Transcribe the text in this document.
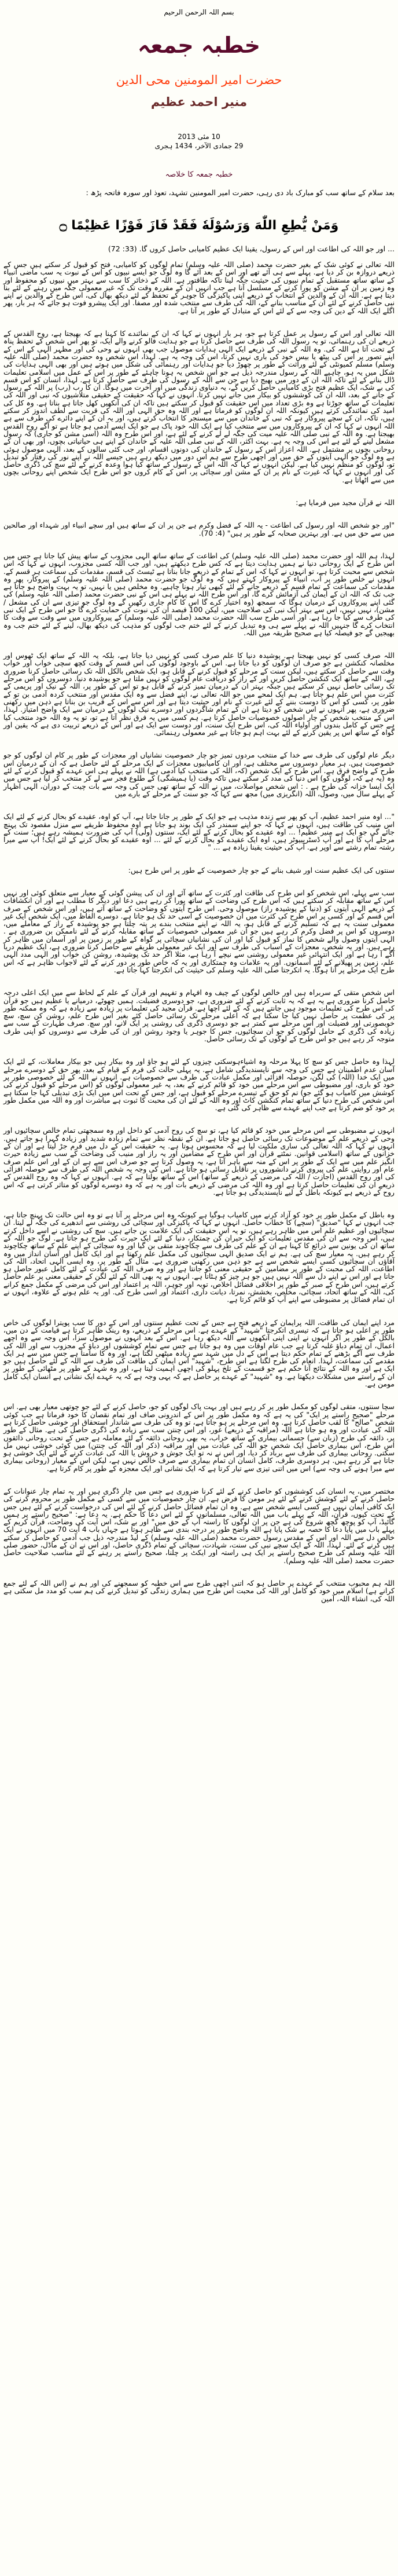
بسم اللہ الرحمن الرحیم
خطبہ جمعہ
حضرت امیر المومنین محی الدین
منیر احمد عظیم
10 مئی 2013
29 جمادی الآخر، 1434 ہجری
خطبہ جمعہ کا خلاصہ
بعد سلام کے ساتھ سب کو مبارک باد دی رہی، حضرت امیر المومنین تشہد، تعوذ اور سورہ فاتحہ پڑھ :
وَمَنْ يُّطِعِ اللّٰهَ وَرَسُوْلَهٗ فَقَدْ فَازَ فَوْزًا عَظِيْمًا ۝
... اور جو اللہ کی اطاعت اور اس کے رسول، یقینا ایک عظیم کامیابی حاصل کروں گا. (33: 72)

اللہ تعالی نے کوئی شک کے بغیر حضرت محمد (صلی اللہ علیہ وسلم) تمام لوگوں کو کامیابی، فتح کو قبول کر سکتے ہیں جس کے ذریعے دروازہ بن کر دیا ہے. پہلے سے ہی آئے تھے اور اس کے بعد آئے گا وہ لوگ جو ایسے نبیوں کو اس کے نبوت یہ سب ماضی انبیاء کے ساتھ ساتھ مستقبل کے تمام نبیوں کی حیثیت جگہ لینا تاکہ طاقتور ہے. اللہ کے ذخائر کا سب سے بہتر میں نبیوں کو محفوظ اور وہ زمین پر ان کے مشن کو پورا کرنے کے مسلسل آنا ہے جب انہیں ان کے مقررہ وقت تک کہ غیر معمولی جگہ میں رہنے کے لئے بنا دیتا ہے ہے. اللہ ان کے والدین کے انتخاب کے ذریعے اپنی پاکیزگی کا جوہر کے تحفظ کے لئے دیکھ بھال کی، اس طرح کے والدین نے اپنے نبی حاصل کرنے کے لئے ان کے مناسب بنانے کے، اللہ کی طرف سے منتخب شدہ اور مصفا. اور ایک پیشرو فوت ہو جائے کہ ہر بار، پھر اگلے ایک اللہ کے دین کی وجہ سے کے لئے اس کے متبادل کے طور پر آتا ہے.

اللہ تعالی اور اس کے رسول پر عمل کرتا ہے جو، ہر بار انہوں نے کہا کہ ان کے نمائندے کا کہنا ہے کہ بھیجتا ہے، روح القدس کے ذریعے ان کی رہنمائی، تو یہ رسول اللہ کی طرف سے حاصل کرتا ہے جو ہدایت فالو کرنے والے ایک، تو پھر اس شخص کے تحفظ پناہ کے تحت آتا ہے اللہ کی. وہ اللہ کے نبی کے ذریعے ایک الہی ہدایات موصول جب بھی انہوں نے وحی کی اور مظہر الہی کے اس کے اپنے تصور پر اس کی پیٹھ یا بیس خود کی باری نہیں کرتا، اس کی وجہ یہ ہے. لہذا، اس شخص وہ حضرت محمد (صلی اللہ علیہ وسلم) مسلم کمیونٹی کے لئے وراثت کے طور پر چھوڑ دیا جو ہدایات اور رہنمائی کی شکل میں ہوتے ہیں اور بھی الہی ہدایات کی شکل میں یہ ہو، چاہیے اللہ کے رسول مندرجہ ذیل ہے جو اس شخص یہ ہونا چاہئے کے طور پر اس کے عمل میں اسلامی تعلیمات ڈال بنانے کے لئے تاکہ اللہ ان کے دور میں بھیج دیا ہے جن سے اللہ کے رسول کی طرف سے حاصل کرتا ہے. لہذا، انسان کو اس قسم کی بے شک، ایک عظیم فتح بڑی کامیابی حاصل کریں گے، یہ دنیاوی زندگی میں اور آخرت میں ہوگا. ان کا رب (رب) پر اللہ کے رسول کے جانے کے بعد، اللہ ان کی کوششوں کو بیکار میں جانے نہیں کرتا. انہوں نے کہا کہ حقیقت کے حقیقی متلاشیوں کہ نبی اور اللہ کی تعلیمات کے ساتھ جوڑتا ہے وہ بڑی تعداد میں اس حقیقت کو قبول کر سکتے ہیں تاکہ ان کی آنکھیں کھل جاتا ہے بناتا ہے. وہ کل کی امید کی نمائندگی کرتے ہیں کیونکہ اللہ ان لوگوں کو فرماتا ہے اور اللہ وہ حق الہی اور اللہ کی قربت سے لطف اندوز کر سکتے ہیں، تاکہ، ان کے سچے پیروکار ہے کہ نبی کے خاندان میں سے میسنجر کا انتخاب کرتے ہیں، اور یہ ان کے اپنے دائرے کی طرف سے ہے اللہ انہوں نے کہا کہ ان کے پیروکاروں میں سے منتخب کیا ہے ایک اللہ خود پاک ہے جو ایک ایسے آدمی ہو جاتا ہے تو آگے روح القدس بھیجتا ہے. وہ اللہ کے نبی صلی اللہ علیہ میت کی جگہ لے لے کرنے کے لئے ہے، اور اس طرح وہ اللہ (اسی مشن کو جاری) کہ رسول مشعل لینے کے لئے ہے اس کی وجہ یہ ہے. بہت اکثر، اللہ کے نبی صلی اللہ علیہ کے خاندان کے اپنے ہی حیاتیاتی بچوں، اور بھی ان کے روحانی بچوں پر مشتمل ہے. اللہ اعزاز اس کے رسول کے خاندان کی دونوں اقسام، اور جب کئی سالوں کے بعد، الہی موصول ہوئی ہے وہ لوگ جو الہی آیتوں کے حق میں اور اچھی طرح سے ہم اس دور میں دیکھ رہے ہیں جیسے اللہ نے اپنے نور کی رفتار کو تبدیل تو، لوگوں کو منظم نہیں کیا ہے. لیکن انہوں نے کہا کہ اللہ اس کے رسول کے ساتھ کیا ہوا وعدہ کرنے کے لئے سچ کی ڈگری حاصل کی اور انہوں نے کہا کہ غیرت کے نام پر ان کے مشن اور سچائی پر، اس کے کام کروں جو اس طرح ایک شخص اپنے روحانی بچوں میں سے اٹھاتا ہے.

اللہ نے قرآن مجید میں فرمایا ہے:

"اور جو شخص اللہ اور رسول کی اطاعت - یہ اللہ کے فضل وکرم ہے جن پر ان کے ساتھ ہیں اور سچے انبیاء اور شہداء اور صالحین میں سے حق میں ہے. اور بہترین صحابہ کے طور پر ہیں" (4: 70).

لہذا، ہم اللہ اور حضرت محمد (صلی اللہ علیہ وسلم) کی اطاعت کے ساتھ ساتھ الہی مجزوب کے ساتھ پیش کیا جاتا ہے جس میں اس طرح کے ایک روحانی دنیا نے ہمیں ہدایت دیتا ہے کہ کس طرح دیکھتے ہیں، اور جب اللہ کسی مجزوب، انہوں نے کہا کہ اس شخص سے محبت کرتا ہے، تو انہوں نے کہا کہ اس کے تمام کے ذریعے جانا بناتا ہے ٹیسٹ کی قسم، مقدمات کی سماعت ہر قسم کے. انہوں نے خلص طور پر اب، انبیاء کے پیروکار کہتے ہیں کہ وہ لوگ جو حضرت محمد (صلی اللہ علیہ وسلم) کے پیروکار، پھر وہ مقدمات کی سماعت کے تمام قسم کے ذریعے جانے کے لئے کبھی تیار ہونا چاہیے. وہ مخلص ہیں یا نہیں، تو یہ بہت واضح ہو جاتا ہے جب تک کہ اللہ ان کے ایمان کی آزمائش کرے گا، اور اس طرح اللہ نے پہلے ہی اس کے نبی حضرت محمد (صلی اللہ علیہ وسلم) کی گئی اپنے پیروکاروں کے درمیان ہوگا کہ سمجھ (وہ اختیار کرے گا اس کا کام جاری رکھیں گے وہ لوگ جو تیزی سے ان کی مشعل / مشن)، نہیں نہیں، اس سے بہتر ایک نبی کی صلاحیت میں، لیکن 100 فیصد ان کی نبوت کی حمایت کرے گا جو اس طرح کے ایک نبی کی طرف سے کیا جا رہا ہے. اور اسی طرح سب اللہ حضرت محمد (صلی اللہ علیہ وسلم) کے پیروکاروں میں سے وقت سے وقت کا انتخاب کرے گا جنہیں اللہ نے پہلے سے ہی وہ تبدیل کرنے کے لئے ختم جب لوگوں کو مذہب کی دیکھ بھال، لینے کے لئے ختم جب وہ بھیجیں گے جو فیصلہ کیا ہے صحیح طریقہ میں اللہ.

اللہ صرف کسی کو نہیں بھیجتا ہے. پوشیدہ دنیا کا علم صرف کسی کو نہیں دیا جاتا ہے، بلکہ یہ اللہ کے ساتھ ایک ٹھوس اور مخلصانہ کنکشن ہے جو صرف ان لوگوں کو دیا جاتا ہے. اس کے باوجود لوگوں کی اس قسم کے وقت کچھ سچی خواب اور خواب وقت سے حاصل کر سکتے ہیں، لیکن سنت کے مرحلے کو قبول کرنے کے قابل ہو، ایک شخص بالکل اللہ تک رسائی حاصل کرنا ضروری ہے، اللہ کے ساتھ ایک کنکشن حاصل کریں اور کے راز کو دریافت عام لوگوں کو نہیں ملتا ہے جو پوشیدہ دنیا. دوسروں کو اس مرحلے تک رسائی حاصل نہیں کر سکتے ہیں جبکہ بہتر ان کے درمیان تمیز کرنے کے قابل ہو تو اس کے طور پر، اللہ کے نیک اور پریمی کے کثرت میں اس علم ہو جاتا ہے. ہم ایک لمحے میں جو اللہ تعالی نے، اپنے فضل سے وہ ایک مقدس اور منتخب کردہ آدمی بن تو کے طور پر، کسی کو اس کا دوست بننے کے لئے غیرت کے نام اور حیثیت دیتا ہے اور اس سے اس کے قریب بن بناتا ہے ذہن میں رکھنی ضروری ہے، پھر انہوں نے اس شخص کو دیتا ہے ان کے تمام شاگردوں اور دوسرے نیک لوگوں کے درمیان سے ایک واضح امتیاز. لہذا، اس کے منتخب شخص کے چار اصولوں خصوصیات حاصل کرتا ہے. ہم کسی میں یہ فرق نظر آتا ہے تو، تو یہ وہ اللہ خود منتخب کیا ہے جس کے کامل بندوں اور اولیاء اللہ کی، اس طرح ایک سنت، اور دوست سے ایک ہے اور اس کے ذریعے تربیت دی ہے کہ یقین اور گواہ کے ساتھ اس پر یقین کرنے کے لئے بہت اہم ہو جاتا ہے غیر معمولی رہنمائی.

دیگر عام لوگوں کی طرف سے خدا کے منتخب مردوں تمیز جو چار خصوصیت نشانیاں اور معجزات کے طور پر کام ان لوگوں کو جو خصوصیت ہیں. ہر معیار دوسروں سے مختلف ہے، اور ان کامیابیوں معجزات کے ایک مرحلے کے لئے حاصل ہے کہ ان کے درمیان اس طرح کے واضح فرق ہے. اس طرح کے ایک شخص (کہ، اللہ کی منتخب کیا آدمی ہے) اللہ نے پہلے ہی اس عہدے کو قبول کرنے کے لئے وہ (یہ ہے کہ، لوگوں کو) اس دنیا کی مدد کر سکتے ہیں تاکہ وقت (یا ہمیشگی) کے طلوع فجر سے لے کر منتخب کر لیا ہے جس میں ایک ایسا خزانہ کی طرح ہے . : اس شخص مواصلات، میں نے اللہ کے ساتھ تھی جس کی وجہ سے بات چیت کے دوران، الہی اظہار کے پہلے سال میں، وصول، اللہ (انگریزی میں) مجھ سے کہا کہ جو سنت کے مرحلے کے بارے میں

"... اوہ منیر احمد عظیم، آپ کو پھر سے زندہ مذہب ہے جو ایک کے طور پر جانا جاتا ہے، آپ کو اوہ، عقیدے کو بحال کرنے کے لئے ایک اس منیب کی طاقت ہیں، انہوں نے کہا کہ جو اپنے سمندر کی ایک بوند ہو جاتا ہے اوہ محفوظ طریقے سے منزل مقصود تک پہنچ جائے گی جو ایک ہے منیر عظیم! ... اوہ عقیدے کو بحال کرنے کے لئے ایک، سنتوں (ولی) آپ کی ضرورت ہمیشہ رہے ہیں؛ سنت کے مرحلے آپ کا ہے اور آپ ڈسٹریبیوٹر ہیں، اوہ ایک عقیدے کو بحال کرنے کے لئے ... اوہ عقیدے کو بحال کرنے کے لئے ایک! آپ سے میرا رشتہ تمام رشتے سے اوپر ہے. آپ کی حیثیت یقینا زیادہ ہے ... "

سنتوں کی ایک عظیم سنت اور شیف بنانے کے جو چار خصوصیت کے طور پر اس طرح ہیں:

سب سے پہلے، اس شخص کو اس طرح کی طاقت اور کثرت کے ساتھ آئے اور ان کی پیشن گوئی کے معیار سے متعلق کوئی اور نہیں اس کے ساتھ مقابلہ کر سکتے ہیں کہ اس طرح کی وضاحت کے ساتھ پورا کر رہے ہیں دعا اور دیگر کا مطلب ہے اور ان انکشافات کے ذریعے الہی آیتوں کو (دنیا کے پوشیدہ راز) موصول وحی. اس طرح آیتوں کو وضاحت کے ساتھ آتے ہیں، اور اس شخص کے صرف اس قسم کے اور کسی پر اس طرح کی کثرت میں ان خصوصیت کے اسی حد تک ہو جاتا ہے. دوسرے الفاظ میں، ایک شخص ایک غیر معمولی سنت یہ ہے کہ تسلیم کرنے کے قابل ہو، یہ اللہ نے اپنے منتخب بندے پر پتہ چلتا ہے جو پوشیدہ کے راز کے معاملے میں، دوسروں کو اس پر فضل وکرم کر رہے ہیں جو ان غیر معمولی خصوصیات کے ساتھ مقابلہ کرنے کے لئے ناممکن بن ضروری ہے . الہی آیتوں وصول والے شخص کا نماز کو قبول کیا اور ان کی نشانیاں سچائی پر گواہ کے طور پر زمین پر اور آسمان میں ظاہر کر رہے ہیں. اور یہ شخص، معجزات کے اسباب کی طرف سے اور ایک غیر معمولی طریقے سے حاصل کرنا ضروری ہے، ایک عظیم دریا آگے آ رہا ہے اور ایک انتہائی غیر معمولی روشنی سے نیچے آ رہا ہے، مثلا اگر حد تک پوشیدہ، روشن کن خواب اور الہی مدد الہی علم، زمین پر پھیلانے کے لئے آسمانوں. اور یہ علامات وہ چمتکاری اور یہ کہ خاص طور پر دور کرنے کے لئے لاجواب ظاہر ہے کہ اس طرح ایک مرحلے پر آنا ہوگا. یہ اتکرجتا صلی اللہ علیہ وسلم کی حیثیت کی اتکرجتا کہا جاتا ہے.

اس شخص متقی کے سربراہ ہیں اور خالص لوگوں کے چیف وہ افہام و تفہیم اور قرآن کے علم کے لحاظ سے میں ایک اعلی درجہ حاصل کرنا ضروری ہے یہ ہے کہ یہ ثابت کرنے کے لئے ضروری ہے، جو دوسری فضیلت. ہمیں چھوٹے، درمیانے یا عظیم ہیں جو قرآن کی اس طرح کی تعلیمات موجود ہیں جانتے ہیں کہ کے لئے اچھا ہے. قرآن مجید کی تعلیمات پر زیادہ سے زیادہ ہے کہ وہ ممکنہ طور پر کی عظمت پر حاصل نہیں کیا جا سکتا ہے کہ اعلی مرحلے تک رسائی حاصل کئے بغیر اس طرح علم، روشن کن سچ، سچ خوبصورتی اور فضیلت اور اس مرحلے سے کمتر ہے جو دوسری ڈگری کی روشنی پر ایک لانے، اور سچ. صرف طہارت کے سب سے زیادہ کی ڈگری کے حامل لوگوں کو جو ان سچائیوں، جس کا جوہر یا وجود روشن اور ان کی طرف سے دوسروں کو اپنی طرف متوجہ کر رہے ہیں جو اس طرح کے لوگوں کے تک رسائی حاصل.

لہذا وہ حاصل جس کو سچ کا پہلا مرحلہ وہ اشیاءہوسکتی چیزوں کے لئے ہو جاؤ اور وہ بیکار ہیں جو بیکار معاملات، کے لئے ایک آسان عدم اطمینان ہے جس کی وجہ سے ناپسندیدگی شامل ہے. یہ پہلی حالت کی فرم کے قیام کے بعد، پھر حق کے دوسرے مرحلے میں ایک خدا (اللہ) کی لگن، حوصلہ افزائی اور مکمل عبادت کی طرف سے خصوصیات ہے. انہوں نے اللہ کے لئے خصوصی طور پر خود کو باری، اور مضبوطی سے اس مرحلے میں خود کو قائم کرنے کے بعد، یہ غیر معمولی لوگوں کو (اس مرحلے کو قبول کرنے کی کوشش میں کامیاب ہو گئے جو) تم کو حق کے تیسرے مرحلے کو قبول ہے، اور جس کے تحت اس میں ایک بڑی تبدیلی کہا جا سکتا ہے اس شخص کی طرح دنیا کے ساتھ تمام کنکشن کاٹ اور وہ اللہ کے لئے ان کی محبت کا ثبوت ہے مباشرت اور وہ اللہ میں مکمل طور پر خود کو ضم کرتا ہے جب اپنے عہدے سے ظاہر کی گئی ہے.

انہوں نے مضبوطی سے اس مرحلے میں خود کو قائم کیا ہے، تو سچ کی روح آدمی کو داخل اور وہ سمجھتی تمام خالص سچائیوں اور وحی کے ذریعے علم کے موضوعات تک رسائی حاصل ہو جاتا ہے. ان کے نقطہ نظر سے تمام زیادہ شدید اور زیادہ گہرا ہو جاتے ہیں. انہوں نے کہا کہ اللہ تعالی کی ساری ملکیت لیا ہے کہ محسوس ہوتا ہے. یہ حقیقت اس کے دل میں فرم جڑ لیتا ہے اور ان کے خزانوں کے ساتھ (اسلامی قوانین. نمٹتے قرآن اور اس طرح کے مضامین اور یہ راز اور منیب کی وضاحت کے سب سے زیادہ حیرت انگیز علم میں سے ایک کے طور پر اس کے منہ سے باہر آتا ہے، یہ وصول کرتا ہے جو صرف اس سے ہے ان کے اور اس علم صرف عام اور روایتی علم کی پیروی کرنے دانشوروں پر ناقابل رسائی ہو جاتا ہے. اس کی وجہ یہ شخص اللہ کی طرف سے حوصلہ افزائی کی اور روح القدس (اجازت / اللہ کی مرضی کے ذریعے کے ساتھ) اس کے ساتھ بولتا ہے کہ ہے. انہوں نے کہا کہ وہ روح القدس کے ذریعے ان کی تعلیمات حاصل کرتا ہے اور وہ اللہ کی مرضی کے ذریعے بات اور یہ ہے کہ وہ دوسرے لوگوں کو متاثر کرتی ہے کہ اس روح کے ذریعے ہے کیونکہ باطل کے لیے ناپسندیدگی ہو جاتا ہے.

وہ باطل کے مکمل طور پر خود کو آزاد کرنے میں کامیاب ہوگیا ہے کیونکہ وہ اس مرحلے پر آتا ہے تو وہ اس حالت تک پہنچ جاتا ہے، جب انہوں نے کہا "صدیق" (سچے) کا خطاب حاصل. انہوں نے کہا کہ پاکیزگی اور سچائی کی روشنی سے اندھیرے کی جگہ لے لیتا. ان سچائیوں اور عظیم علم اس میں ظاہر رہے ہیں، تو یہ اس حقیقت کی ایک علامت بن جاتے ہیں. سچ کی روشنی نے اسے داخل کرتے ہیں، اس وجہ سے ان کی مقدس تعلیمات کو ایک حیران کن چمتکار، دنیا کے لئے ایک حیرت کی طرح ہو جاتا ہے. لوگ جو اللہ کے ساتھ ان کی یونین سے ذرائع کا کہنا ہے ان کے علم کی طرف سے چکاچوند متقی بن گیا اور وہ سچائی کے اپنے علم کے ساتھ چکاچوند کر رہے ہیں. یہ معیار سچ کی ہے. ہم نے ایک صدیق الہی سچائیوں کی مکمل علم رکھتا ہے اور ایک کامل اور آسان انداز میں وہ آقاؤں ان سچائیوں کسی ایسے شخص سے ہے جو ذہن میں رکھنی ضروری ہے. مثال کے طور پر، وہ ایسی الہی اتحاد، اللہ کی اطاعت، اللہ کی محبت کے طور پر مضامین کے حقیقی معنی کو جانتا ہے اور وہ صرف اللہ کی عبادت کے لئے کامل عبور حاصل ہو جاتا ہے اور اس نے اپنے دل سے اللہ نہیں ہیں جو ہر چیز کو ہٹاتا ہے. انہوں نے یہ بھی اللہ کے لئے لگن کے حقیقی معنی پر علم حاصل کرتے ہیں، اس طرح کے صبر کے طور پر اخلاقی فضائل اخلاص، توبہ اور جوہر، اللہ پر اعتماد اور اس کی مرضی کے مکمل جمع کرانے کی، اللہ کے ساتھ اتحاد، سچائی، مخلص، بخشش، نمرتا، دیانت داری، اعتماد اور اسی طرح کی. اور یہ علم ہونے کے علاوہ، انہوں نے ان تمام فضائل پر مضبوطی سے اپنے آپ کو قائم کرتا ہے.

مرد اپنے ایمان کی طاقت، اللہ پرایمان کے ذریعے فتح ہے جس کے تحت عظیم سنتوں اور اس کے دور کا سب پویترا لوگوں کی خاص طور پر اعلی ہو جاتا ہے کہ تیسری اتکرجتا "شہید" کے عہدے ہے. اس مرحلے کے ذریعے، وہ رینک ظاہر کرتا ہے قیامت کے دن میں، بالکل کے طور پر اگر انہوں نے اپنی اپنی آنکھوں سے اللہ دیکھ رہا ہے. اس کے بعد انہوں نے موصول سزا، اس وجہ سے وہ اچھے اعمال، ان تمام دباؤ غلبہ کرتا ہے جب عام اوقات میں وہ ہو جاتا ہے جس سے تمام کوششوں اور دباؤ کے مجزوب سے اور اللہ کی طرف سے آگے بڑھنے کے تمام حکم دیتا ہے اس کے دل میں شہد سے زیادہ میٹھی لگتا ہے، اور وہ کا سامنا ہے جس میں سے ہر ایک مقدمے کی سماعت، لہذا. انعام کی طرح لگتا ہے اس طرح، "شہید" اس ایمان کی طاقت کی طرف سے اللہ کے لئے حاصل ہیں جو ایک ہے اور وہ اللہ کے نتائج آنا حکم ہے جو قسمت کے تلخ پہلو کی اچھی اہمیت لیتا ہے، اور وہ شہد کے طور پر مٹھائی کے طور پر ان کے راستے میں مشکلات دیکھتا ہے. وہ "شہید" کے عہدے پر حاصل ہے کہ یہی وجہ ہے کہ یہ عہدے ایک نشانی ہے انسان ایک کامل مومن ہے.

سچا سنتوں، متقی لوگوں کو مکمل طور پر کر رہے ہیں اور بہت پاک لوگوں کو جو، حاصل کرنے کے لئے جو چوتھی معیار بھی ہے. اس مرحلے "صحیح راستے پر ایک" کی یہ ہے کہ وہ مکمل طور پر اس کے اندرونی صاف اور تمام نقصان کا خود فرماتا ہے جب کوئی شخص "صالح" کا لقب حاصل کرتا ہے. وہ اس مرحلے پر ہو جاتا ہے، تو وہ کی طرف سے شاندار استحقاق اور خوشی حاصل کرتا ہے اللہ کی عبادت اور وہ ہو جاتا ہے اللہ (مراقبہ کے ذریعے) غور، اور اس چنتن سب سے زیادہ کی ڈگری حاصل کی ہے. مثال کے طور پر، ذائقہ کی طرح (زبان سے) جسمانی بیماری کے ساتھ خراب، یہ بھی روحانی ذائقہ کے لئے معاملہ ہے جس کے تحت روحانی ذائقوں اس طرح، اس بیماری حاصل ایک شخص جو اللہ کی عبادت میں اور مراقبہ (ذکر اور اللہ کی چنتن) میں کوئی خوشی نہیں مل سکتی. روحانی بیماری کی طرف سے برباد کر دیا، اور اس نے نہ تو ایک جوش و خروش یا اللہ کی عبادت کرنے کے لئے ایک خوشی ہو جاتا ہے کر رہے ہیں. ہر دوسری طرف، کامل انسان ان تمام بیماری سے صرف خالص نہیں ہے، لیکن اس کے معیار (روحانی بیماری سے مبرا ہونے کی وجہ سے) اس میں اتنی تیزی سے تیار کرتا ہے کہ ایک نشانی اور ایک معجزہ کے طور پر کام کرتا ہے.

مختصر میں، یہ انسان کی کوششوں کو حاصل کرنے کے لئے کرنا ضروری ہے جس میں چار ڈگری ہیں اور یہ تمام چار عنوانات کے حاصل کرنے کے لئے کوشش کرنے کے لئے ہر مومن کا فرض ہے. ان چار خصوصیات میں سے کسی کے مکمل طور پر محروم کرنے کی ایک کافی ایمان نہیں ہے کسی ایسے شخص سے ہے. وہ ان تمام فضائل حاصل کرنے کے لئے اس کی درخواست کرنے کے لئے ہیں جس کے تحت کیوں، قرآن، اللہ کے پہلے باب میں اللہ تعالی، مسلمانوں کے لئے اس دعا کا حکم ہے. یہ دعا ہے: "صحیح راستے پر ہمیں گائیڈ، آپ کو پوچھ گچھ شروع کی ہے جن پر ان لوگوں کا راستہ آپ کے حق میں" اور بے شک، اس آیت کی وضاحت، قرآن کریم کے پہلے باب میں پایا دعا کا حصہ بے شک پایا ہے اللہ واضح طور پر درجہ بندی سے ظاہر ہوتا ہے جہاں باب 4 آیت 70 میں انہوں نے ایک خالص دل سے اللہ اور اس کے مقدس رسول حضرت محمد (صلی اللہ علیہ وسلم) کے لیڈ مندرجہ ذیل جب آدمی کو حاصل کر سکتے ہیں کرنے کے لئے. لہذا، اللہ کے ایک سچے نبی کی سنت، شہادت، سچائی کے تمام ڈگری حاصل، اور اس نے ان کے ماڈل، حضور صلی اللہ علیہ وسلم کی طرح صحیح راستے پر ایک ہی راستہ اور ایکٹ پر چلنا، صحیح راستے پر رہنے کے لئے مناسب صلاحیت حاصل حضرت محمد (صلی اللہ علیہ وسلم).

اللہ ہم محبوب منتخب کے عہدے پر حاصل ہو کہ اتنی اچھی طرح سے اس خطبہ کو سمجھنے کی اور ہم نے (اس اللہ کے لئے جمع کرانے ہے) اسلام میں خود کو کامل اور اللہ کی محبت اس طرح میں ہماری زندگی کو تبدیل کرنے کی ہم سب کو مدد مل سکتی ہے اللہ کی، انشاء اللہ، آمین
